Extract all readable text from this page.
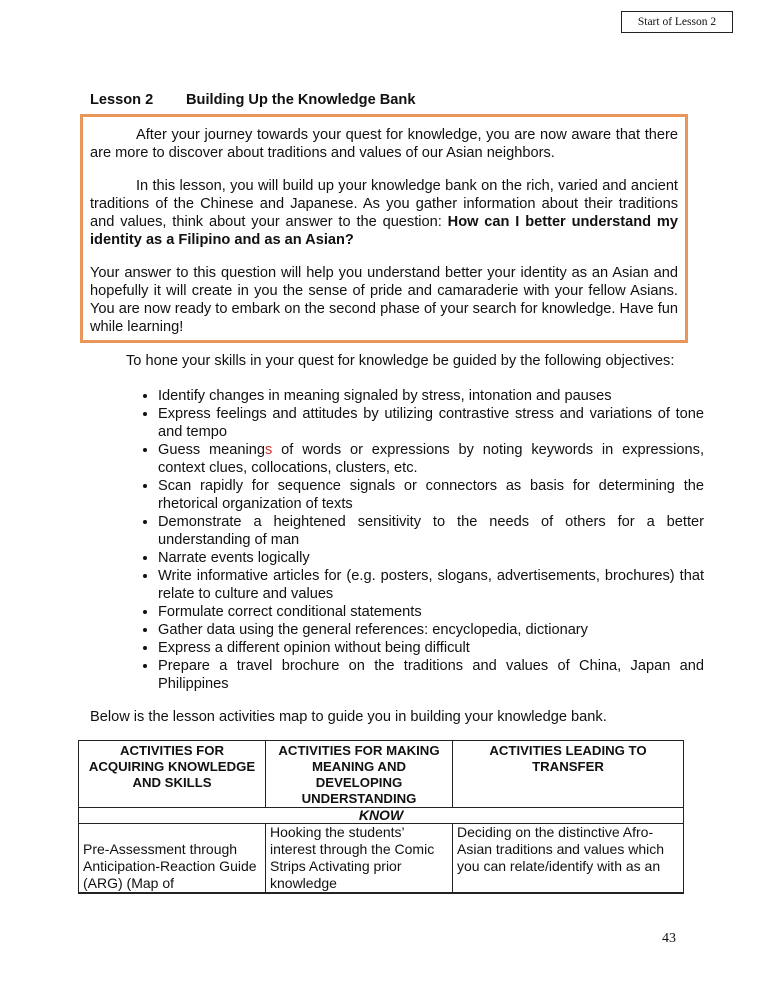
Start of Lesson 2
Lesson 2 Building Up the Knowledge Bank

After your journey towards your quest for knowledge, you are now aware that there are more to discover about traditions and values of our Asian neighbors.

In this lesson, you will build up your knowledge bank on the rich, varied and ancient traditions of the Chinese and Japanese. As you gather information about their traditions and values, think about your answer to the question: How can I better understand my identity as a Filipino and as an Asian?

Your answer to this question will help you understand better your identity as an Asian and hopefully it will create in you the sense of pride and camaraderie with your fellow Asians. You are now ready to embark on the second phase of your search for knowledge. Have fun while learning!

To hone your skills in your quest for knowledge be guided by the following objectives:

• Identify changes in meaning signaled by stress, intonation and pauses
• Express feelings and attitudes by utilizing contrastive stress and variations of tone and tempo
• Guess meanings of words or expressions by noting keywords in expressions, context clues, collocations, clusters, etc.
• Scan rapidly for sequence signals or connectors as basis for determining the rhetorical organization of texts
• Demonstrate a heightened sensitivity to the needs of others for a better understanding of man
• Narrate events logically
• Write informative articles for (e.g. posters, slogans, advertisements, brochures) that relate to culture and values
• Formulate correct conditional statements
• Gather data using the general references: encyclopedia, dictionary
• Express a different opinion without being difficult
• Prepare a travel brochure on the traditions and values of China, Japan and Philippines
Below is the lesson activities map to guide you in building your knowledge bank.
ACTIVITIES FOR ACQUIRING KNOWLEDGE AND SKILLS	ACTIVITIES FOR MAKING MEANING AND DEVELOPING UNDERSTANDING	ACTIVITIES LEADING TO TRANSFER
KNOW		
Pre-Assessment through Anticipation-Reaction Guide (ARG) (Map of	Hooking the students’ interest through the Comic Strips Activating prior knowledge	Deciding on the distinctive Afro-Asian traditions and values which you can relate/identify with as an
43
